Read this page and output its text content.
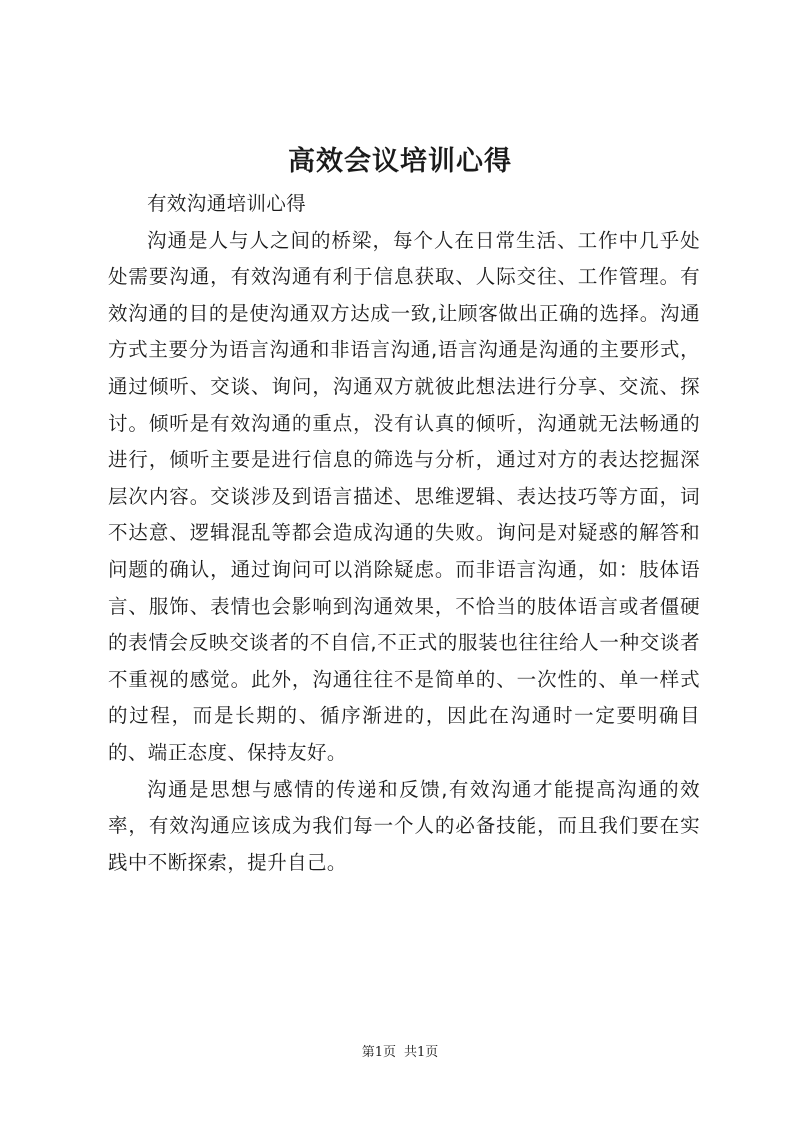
高效会议培训心得

有效沟通培训心得

沟通是人与人之间的桥梁，每个人在日常生活、工作中几乎处处需要沟通，有效沟通有利于信息获取、人际交往、工作管理。有效沟通的目的是使沟通双方达成一致,让顾客做出正确的选择。沟通方式主要分为语言沟通和非语言沟通,语言沟通是沟通的主要形式，通过倾听、交谈、询问，沟通双方就彼此想法进行分享、交流、探讨。倾听是有效沟通的重点，没有认真的倾听，沟通就无法畅通的进行，倾听主要是进行信息的筛选与分析，通过对方的表达挖掘深层次内容。交谈涉及到语言描述、思维逻辑、表达技巧等方面，词不达意、逻辑混乱等都会造成沟通的失败。询问是对疑惑的解答和问题的确认，通过询问可以消除疑虑。而非语言沟通，如：肢体语言、服饰、表情也会影响到沟通效果，不恰当的肢体语言或者僵硬的表情会反映交谈者的不自信,不正式的服装也往往给人一种交谈者不重视的感觉。此外，沟通往往不是简单的、一次性的、单一样式的过程，而是长期的、循序渐进的，因此在沟通时一定要明确目的、端正态度、保持友好。

沟通是思想与感情的传递和反馈,有效沟通才能提高沟通的效率，有效沟通应该成为我们每一个人的必备技能，而且我们要在实践中不断探索，提升自己。

第1页 共1页
